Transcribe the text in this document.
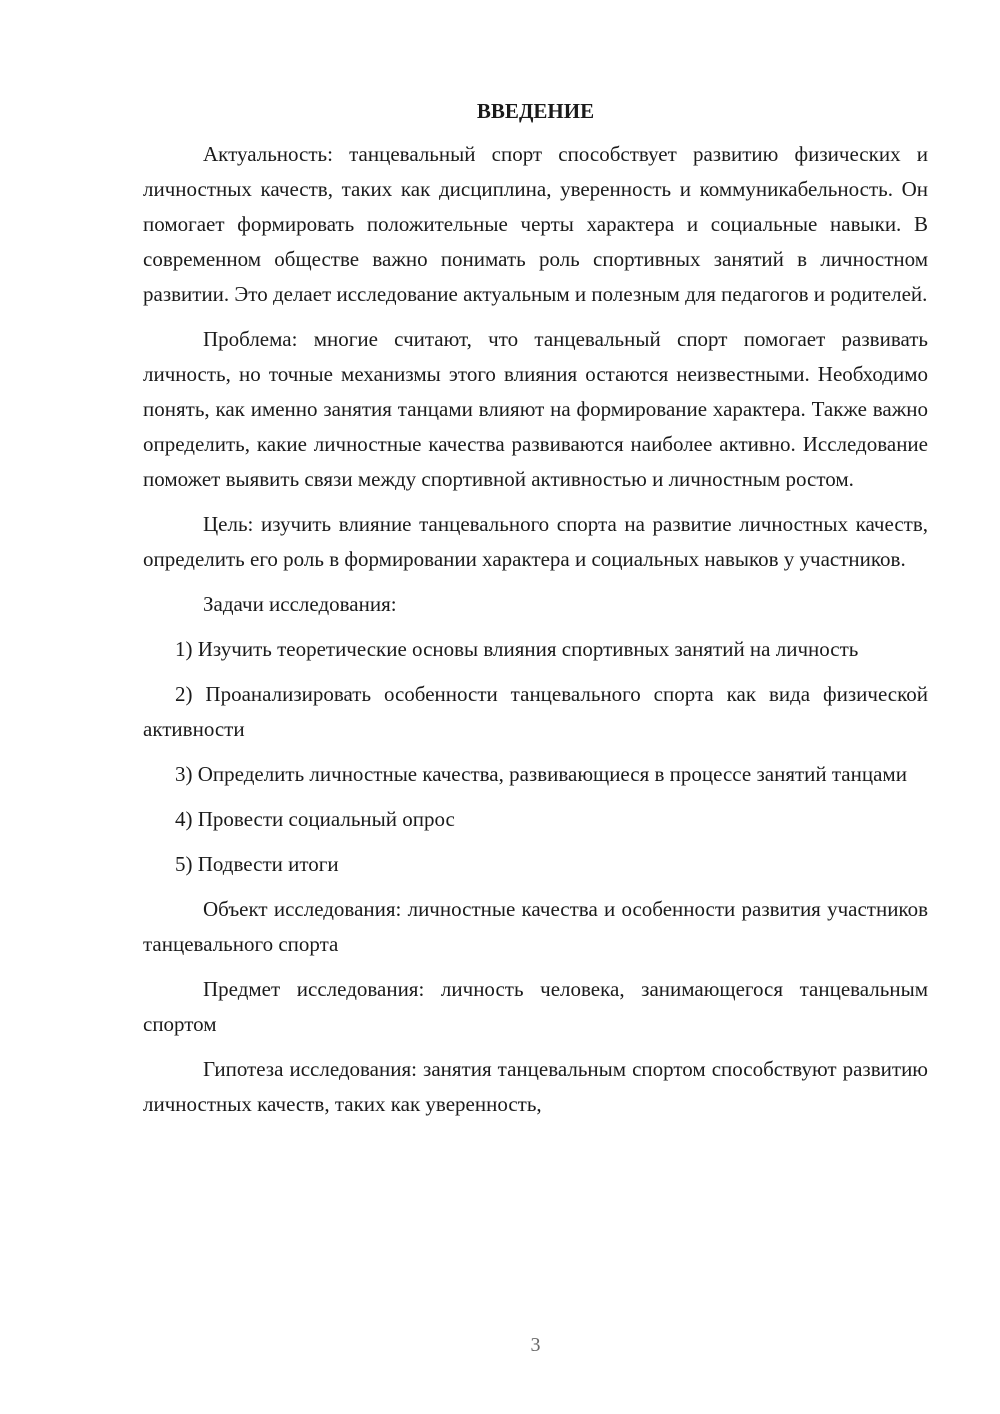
ВВЕДЕНИЕ

Актуальность: танцевальный спорт способствует развитию физических и личностных качеств, таких как дисциплина, уверенность и коммуникабельность. Он помогает формировать положительные черты характера и социальные навыки. В современном обществе важно понимать роль спортивных занятий в личностном развитии. Это делает исследование актуальным и полезным для педагогов и родителей.

Проблема: многие считают, что танцевальный спорт помогает развивать личность, но точные механизмы этого влияния остаются неизвестными. Необходимо понять, как именно занятия танцами влияют на формирование характера. Также важно определить, какие личностные качества развиваются наиболее активно. Исследование поможет выявить связи между спортивной активностью и личностным ростом.

Цель: изучить влияние танцевального спорта на развитие личностных качеств, определить его роль в формировании характера и социальных навыков у участников.

Задачи исследования:

1) Изучить теоретические основы влияния спортивных занятий на личность

2) Проанализировать особенности танцевального спорта как вида физической активности

3) Определить личностные качества, развивающиеся в процессе занятий танцами

4) Провести социальный опрос

5) Подвести итоги

Объект исследования: личностные качества и особенности развития участников танцевального спорта

Предмет исследования: личность человека, занимающегося танцевальным спортом

Гипотеза исследования: занятия танцевальным спортом способствуют развитию личностных качеств, таких как уверенность,

3
